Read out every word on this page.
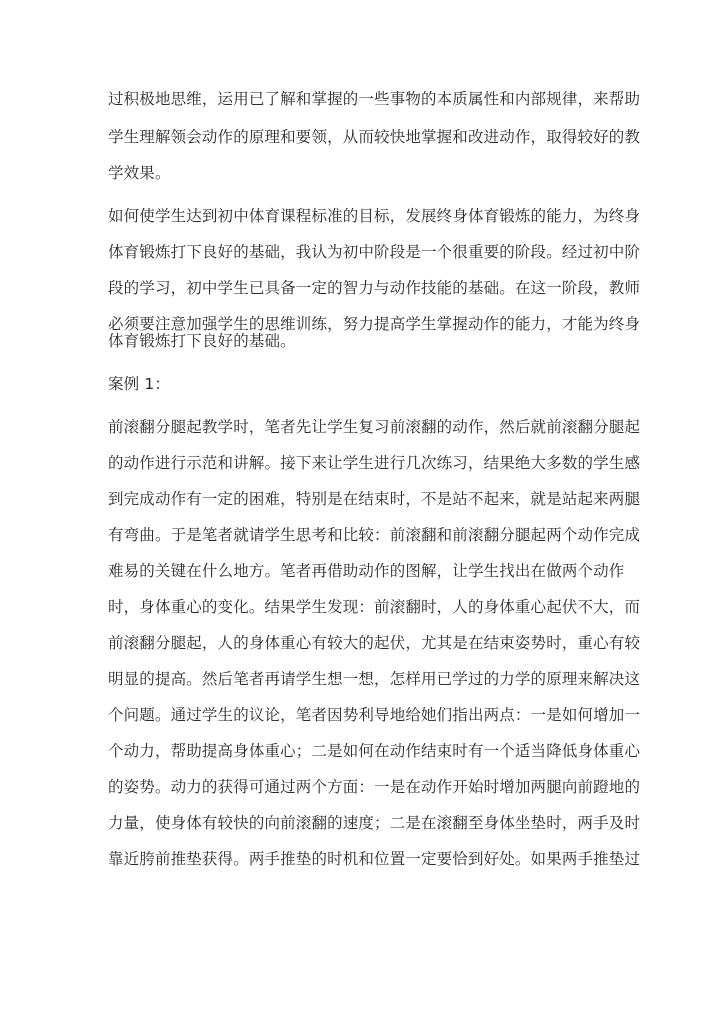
过积极地思维，运用已了解和掌握的一些事物的本质属性和内部规律，来帮助
学生理解领会动作的原理和要领，从而较快地掌握和改进动作，取得较好的教
学效果。
如何使学生达到初中体育课程标准的目标，发展终身体育锻炼的能力，为终身
体育锻炼打下良好的基础，我认为初中阶段是一个很重要的阶段。经过初中阶
段的学习，初中学生已具备一定的智力与动作技能的基础。在这一阶段，教师
必须要注意加强学生的思维训练，努力提高学生掌握动作的能力，才能为终身
体育锻炼打下良好的基础。
案例 1：
前滚翻分腿起教学时，笔者先让学生复习前滚翻的动作，然后就前滚翻分腿起
的动作进行示范和讲解。接下来让学生进行几次练习，结果绝大多数的学生感
到完成动作有一定的困难，特别是在结束时，不是站不起来，就是站起来两腿
有弯曲。于是笔者就请学生思考和比较：前滚翻和前滚翻分腿起两个动作完成
难易的关键在什么地方。笔者再借助动作的图解，让学生找出在做两个动作
时，身体重心的变化。结果学生发现：前滚翻时，人的身体重心起伏不大，而
前滚翻分腿起，人的身体重心有较大的起伏，尤其是在结束姿势时，重心有较
明显的提高。然后笔者再请学生想一想，怎样用已学过的力学的原理来解决这
个问题。通过学生的议论，笔者因势利导地给她们指出两点：一是如何增加一
个动力，帮助提高身体重心；二是如何在动作结束时有一个适当降低身体重心
的姿势。动力的获得可通过两个方面：一是在动作开始时增加两腿向前蹬地的
力量，使身体有较快的向前滚翻的速度；二是在滚翻至身体坐垫时，两手及时
靠近胯前推垫获得。两手推垫的时机和位置一定要恰到好处。如果两手推垫过
